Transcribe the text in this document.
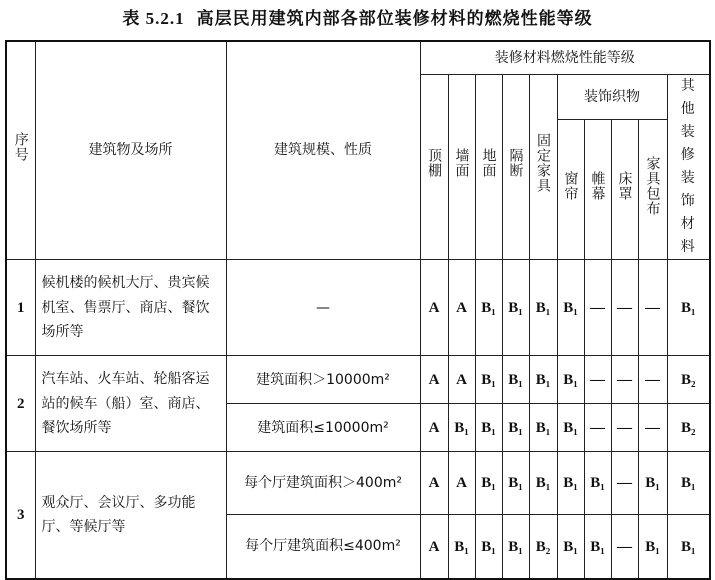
表 5.2.1 高层民用建筑内部各部位装修材料的燃烧性能等级
序号	建筑物及场所	建筑规模、性质	装修材料燃烧性能等级									
			顶棚	墙面	地面	隔断	固定家具	装饰织物				其他装修装饰材料

								窗帘	帷幕	床罩	家具包布	
1	候机楼的候机大厅、贵宾候机室、售票厅、商店、餐饮场所等	—	A	A	B₁	B₁	B₁	B₁	—	—	—	B₁
2	汽车站、火车站、轮船客运站的候车（船）室、商店、餐饮场所等	建筑面积＞10000m²	A	A	B₁	B₁	B₁	B₁	—	—	—	B₂
		建筑面积≤10000m²	A	B₁	B₁	B₁	B₁	B₁	—	—	—	B₂
3	观众厅、会议厅、多功能厅、等候厅等	每个厅建筑面积＞400m²	A	A	B₁	B₁	B₁	B₁	B₁	—	B₁	B₁
		每个厅建筑面积≤400m²	A	B₁	B₁	B₁	B₂	B₁	B₁	—	B₁	B₁
